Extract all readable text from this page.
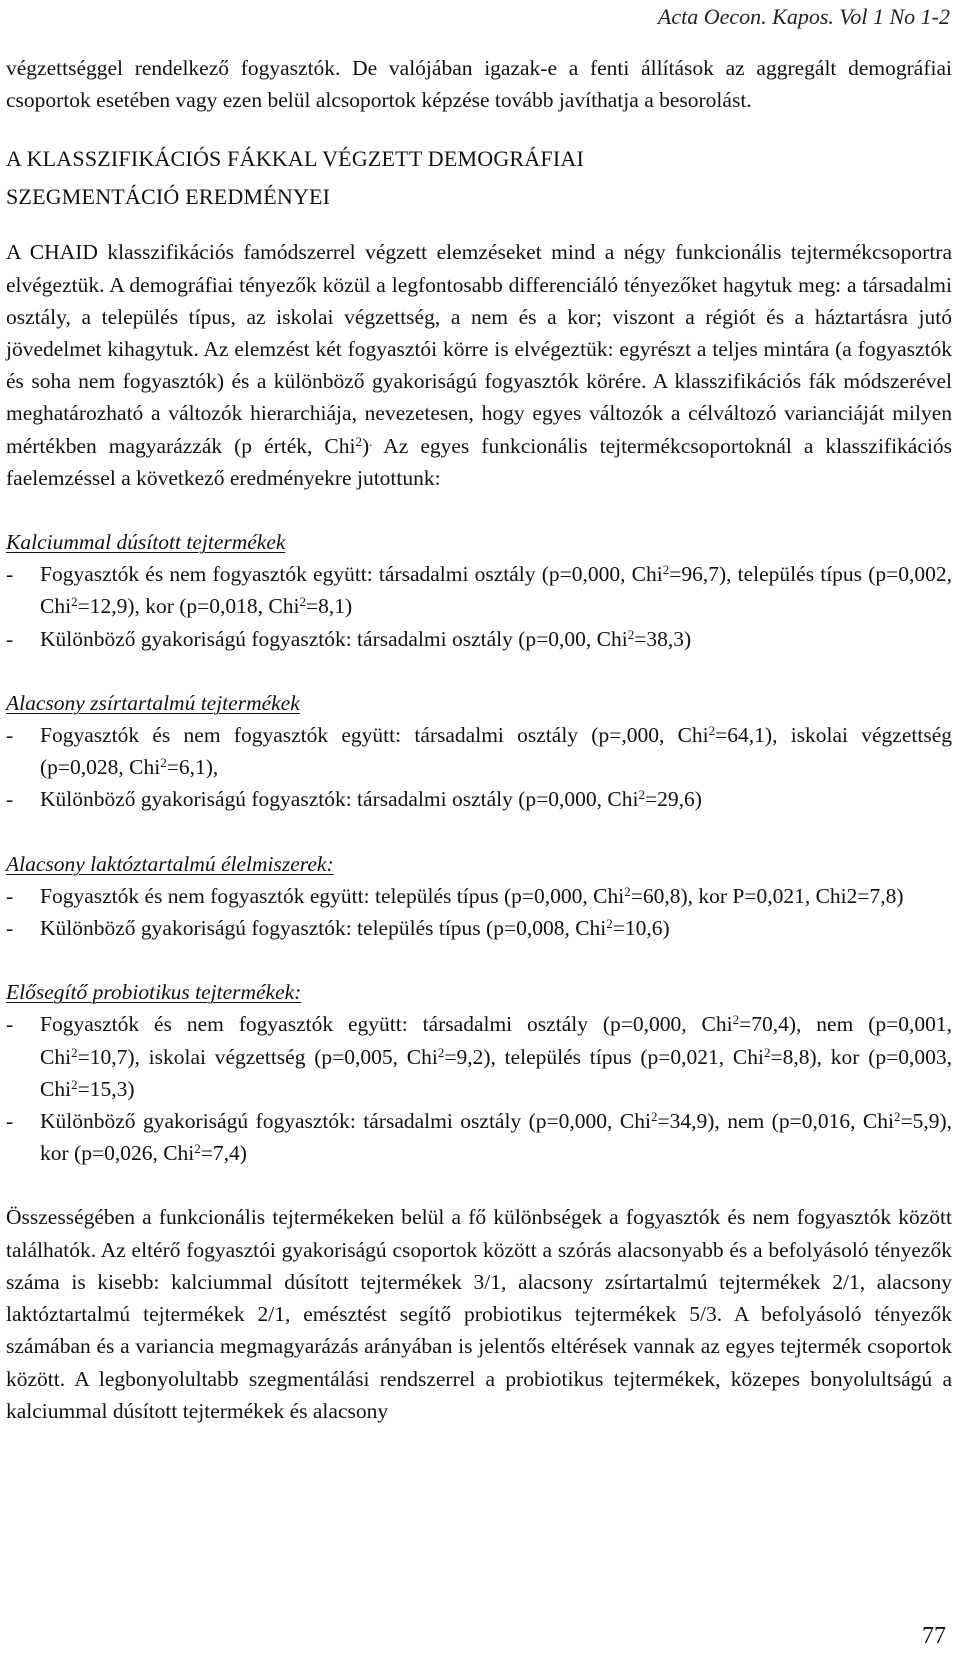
Acta Oecon. Kapos. Vol 1 No 1-2

végzettséggel rendelkező fogyasztók. De valójában igazak-e a fenti állítások az aggregált demográfiai csoportok esetében vagy ezen belül alcsoportok képzése tovább javíthatja a besorolást.

A KLASSZIFIKÁCIÓS FÁKKAL VÉGZETT DEMOGRÁFIAI
SZEGMENTÁCIÓ EREDMÉNYEI

A CHAID klasszifikációs famódszerrel végzett elemzéseket mind a négy funkcionális tejtermékcsoportra elvégeztük. A demográfiai tényezők közül a legfontosabb differenciáló tényezőket hagytuk meg: a társadalmi osztály, a település típus, az iskolai végzettség, a nem és a kor; viszont a régiót és a háztartásra jutó jövedelmet kihagytuk. Az elemzést két fogyasztói körre is elvégeztük: egyrészt a teljes mintára (a fogyasztók és soha nem fogyasztók) és a különböző gyakoriságú fogyasztók körére. A klasszifikációs fák módszerével meghatározható a változók hierarchiája, nevezetesen, hogy egyes változók a célváltozó varianciáját milyen mértékben magyarázzák (p érték, Chi$^2$). Az egyes funkcionális tejtermékcsoportoknál a klasszifikációs faelemzéssel a következő eredményekre jutottunk:

Kalciummal dúsított tejtermékek

- Fogyasztók és nem fogyasztók együtt: társadalmi osztály (p=0,000, Chi$^2$=96,7), település típus (p=0,002, Chi$^2$=12,9), kor (p=0,018, Chi$^2$=8,1)
- Különböző gyakoriságú fogyasztók: társadalmi osztály (p=0,00, Chi$^2$=38,3)

Alacsony zsírtartalmú tejtermékek

- Fogyasztók és nem fogyasztók együtt: társadalmi osztály (p=,000, Chi$^2$=64,1), iskolai végzettség (p=0,028, Chi$^2$=6,1),
- Különböző gyakoriságú fogyasztók: társadalmi osztály (p=0,000, Chi$^2$=29,6)

Alacsony laktóztartalmú élelmiszerek:

- Fogyasztók és nem fogyasztók együtt: település típus (p=0,000, Chi$^2$=60,8), kor P=0,021, Chi2=7,8)
- Különböző gyakoriságú fogyasztók: település típus (p=0,008, Chi$^2$=10,6)

Elősegítő probiotikus tejtermékek:

- Fogyasztók és nem fogyasztók együtt: társadalmi osztály (p=0,000, Chi$^2$=70,4), nem (p=0,001, Chi$^2$=10,7), iskolai végzettség (p=0,005, Chi$^2$=9,2), település típus (p=0,021, Chi$^2$=8,8), kor (p=0,003, Chi$^2$=15,3)
- Különböző gyakoriságú fogyasztók: társadalmi osztály (p=0,000, Chi$^2$=34,9), nem (p=0,016, Chi$^2$=5,9), kor (p=0,026, Chi$^2$=7,4)

Összességében a funkcionális tejtermékeken belül a fő különbségek a fogyasztók és nem fogyasztók között találhatók. Az eltérő fogyasztói gyakoriságú csoportok között a szórás alacsonyabb és a befolyásoló tényezők száma is kisebb: kalciummal dúsított tejtermékek 3/1, alacsony zsírtartalmú tejtermékek 2/1, alacsony laktóztartalmú tejtermékek 2/1, emésztést segítő probiotikus tejtermékek 5/3. A befolyásoló tényezők számában és a variancia megmagyarázás arányában is jelentős eltérések vannak az egyes tejtermék csoportok között. A legbonyolultabb szegmentálási rendszerrel a probiotikus tejtermékek, közepes bonyolultságú a kalciummal dúsított tejtermékek és alacsony

77
